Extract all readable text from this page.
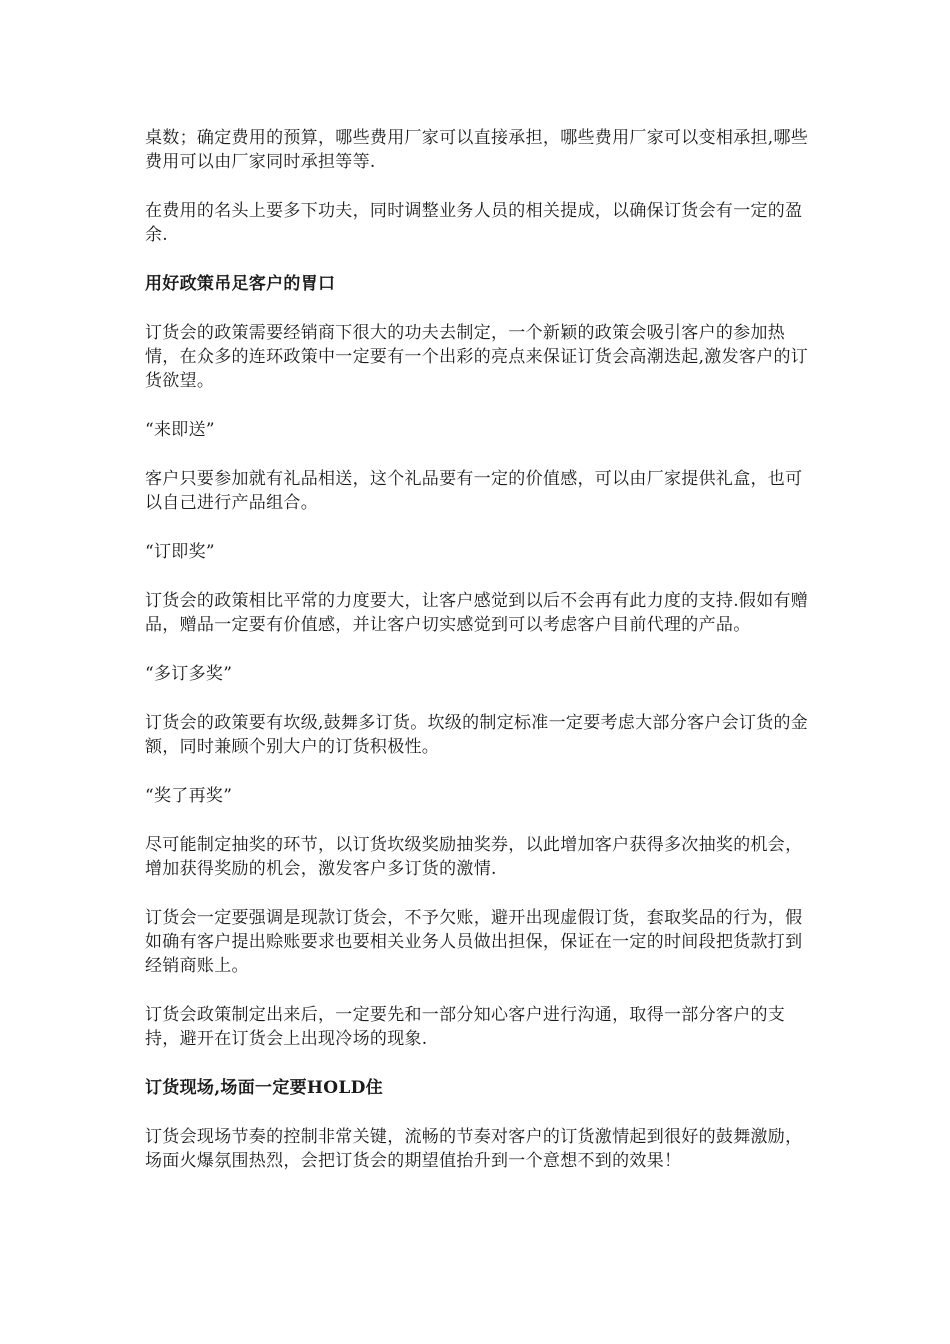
桌数；确定费用的预算，哪些费用厂家可以直接承担，哪些费用厂家可以变相承担,哪些费用可以由厂家同时承担等等.

在费用的名头上要多下功夫，同时调整业务人员的相关提成，以确保订货会有一定的盈余.

用好政策吊足客户的胃口

订货会的政策需要经销商下很大的功夫去制定，一个新颖的政策会吸引客户的参加热情，在众多的连环政策中一定要有一个出彩的亮点来保证订货会高潮迭起,激发客户的订货欲望。

“来即送”

客户只要参加就有礼品相送，这个礼品要有一定的价值感，可以由厂家提供礼盒，也可以自己进行产品组合。

“订即奖”

订货会的政策相比平常的力度要大，让客户感觉到以后不会再有此力度的支持.假如有赠品，赠品一定要有价值感，并让客户切实感觉到可以考虑客户目前代理的产品。

“多订多奖”

订货会的政策要有坎级,鼓舞多订货。坎级的制定标准一定要考虑大部分客户会订货的金额，同时兼顾个别大户的订货积极性。

“奖了再奖”

尽可能制定抽奖的环节，以订货坎级奖励抽奖券，以此增加客户获得多次抽奖的机会，增加获得奖励的机会，激发客户多订货的激情.

订货会一定要强调是现款订货会，不予欠账，避开出现虚假订货，套取奖品的行为，假如确有客户提出赊账要求也要相关业务人员做出担保，保证在一定的时间段把货款打到经销商账上。

订货会政策制定出来后，一定要先和一部分知心客户进行沟通，取得一部分客户的支持，避开在订货会上出现冷场的现象.

订货现场,场面一定要HOLD住

订货会现场节奏的控制非常关键，流畅的节奏对客户的订货激情起到很好的鼓舞激励，场面火爆氛围热烈，会把订货会的期望值抬升到一个意想不到的效果！
